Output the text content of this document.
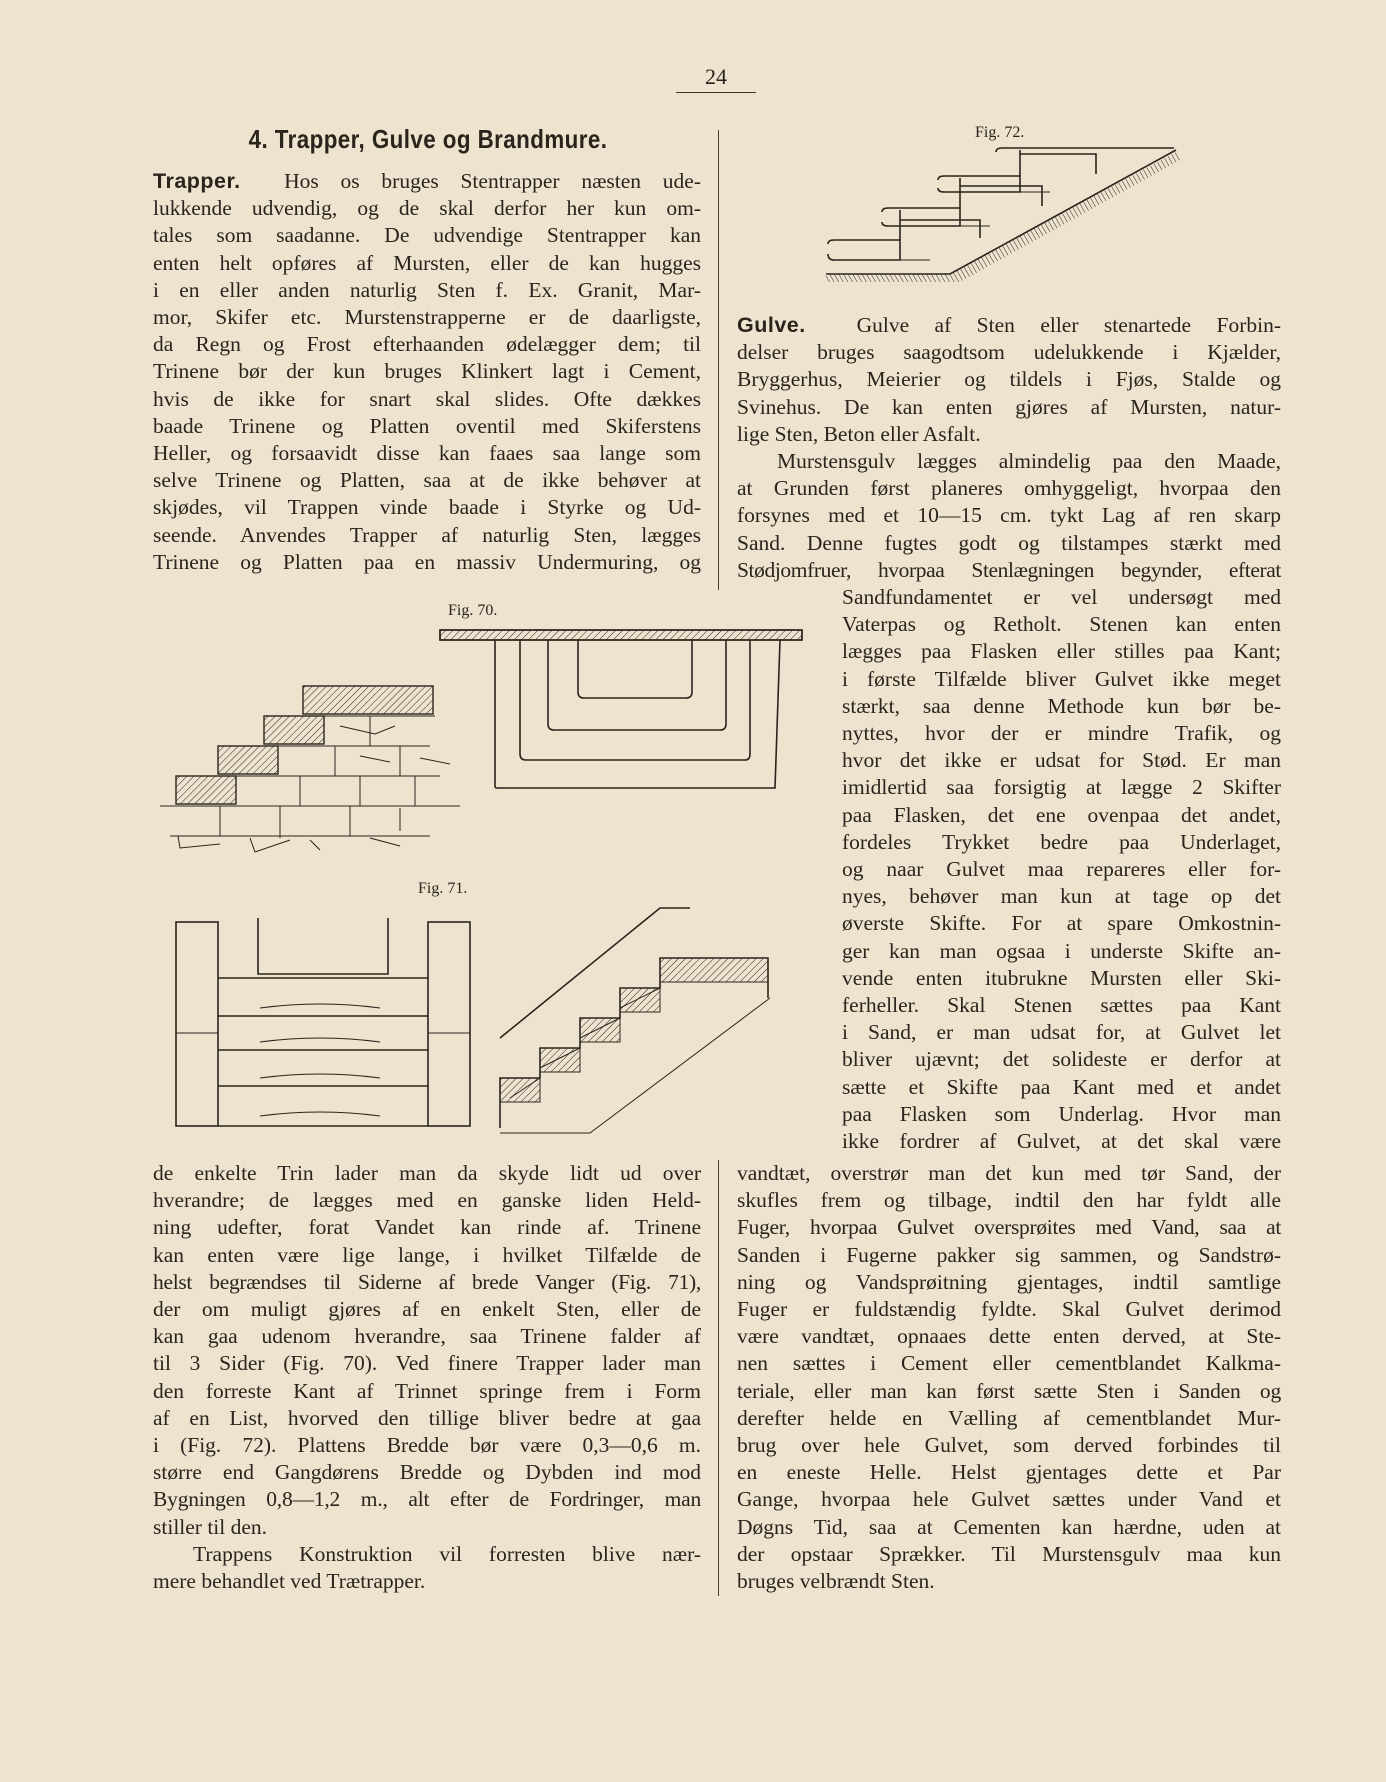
24
4. Trapper, Gulve og Brandmure.
Trapper. Hos os bruges Stentrapper næsten ude-
lukkende udvendig, og de skal derfor her kun om-
tales som saadanne. De udvendige Stentrapper kan
enten helt opføres af Mursten, eller de kan hugges
i en eller anden naturlig Sten f. Ex. Granit, Mar-
mor, Skifer etc. Murstenstrapperne er de daarligste,
da Regn og Frost efterhaanden ødelægger dem; til
Trinene bør der kun bruges Klinkert lagt i Cement,
hvis de ikke for snart skal slides. Ofte dækkes
baade Trinene og Platten oventil med Skiferstens
Heller, og forsaavidt disse kan faaes saa lange som
selve Trinene og Platten, saa at de ikke behøver at
skjødes, vil Trappen vinde baade i Styrke og Ud-
seende. Anvendes Trapper af naturlig Sten, lægges
Trinene og Platten paa en massiv Undermuring, og
Fig. 70.
Fig. 71.
Fig. 72.
Gulve. Gulve af Sten eller stenartede Forbin-
delser bruges saagodtsom udelukkende i Kjælder,
Bryggerhus, Meierier og tildels i Fjøs, Stalde og
Svinehus. De kan enten gjøres af Mursten, natur-
lige Sten, Beton eller Asfalt.
Murstensgulv lægges almindelig paa den Maade,
at Grunden først planeres omhyggeligt, hvorpaa den
forsynes med et 10—15 cm. tykt Lag af ren skarp
Sand. Denne fugtes godt og tilstampes stærkt med
Stødjomfruer, hvorpaa Stenlægningen begynder, efterat
Sandfundamentet er vel undersøgt med
Vaterpas og Retholt. Stenen kan enten
lægges paa Flasken eller stilles paa Kant;
i første Tilfælde bliver Gulvet ikke meget
stærkt, saa denne Methode kun bør be-
nyttes, hvor der er mindre Trafik, og
hvor det ikke er udsat for Stød. Er man
imidlertid saa forsigtig at lægge 2 Skifter
paa Flasken, det ene ovenpaa det andet,
fordeles Trykket bedre paa Underlaget,
og naar Gulvet maa repareres eller for-
nyes, behøver man kun at tage op det
øverste Skifte. For at spare Omkostnin-
ger kan man ogsaa i underste Skifte an-
vende enten itubrukne Mursten eller Ski-
ferheller. Skal Stenen sættes paa Kant
i Sand, er man udsat for, at Gulvet let
bliver ujævnt; det solideste er derfor at
sætte et Skifte paa Kant med et andet
paa Flasken som Underlag. Hvor man
ikke fordrer af Gulvet, at det skal være
de enkelte Trin lader man da skyde lidt ud over
hverandre; de lægges med en ganske liden Held-
ning udefter, forat Vandet kan rinde af. Trinene
kan enten være lige lange, i hvilket Tilfælde de
helst begrændses til Siderne af brede Vanger (Fig. 71),
der om muligt gjøres af en enkelt Sten, eller de
kan gaa udenom hverandre, saa Trinene falder af
til 3 Sider (Fig. 70). Ved finere Trapper lader man
den forreste Kant af Trinnet springe frem i Form
af en List, hvorved den tillige bliver bedre at gaa
i (Fig. 72). Plattens Bredde bør være 0,3—0,6 m.
større end Gangdørens Bredde og Dybden ind mod
Bygningen 0,8—1,2 m., alt efter de Fordringer, man
stiller til den.
Trappens Konstruktion vil forresten blive nær-
mere behandlet ved Trætrapper.
vandtæt, overstrør man det kun med tør Sand, der
skufles frem og tilbage, indtil den har fyldt alle
Fuger, hvorpaa Gulvet oversprøites med Vand, saa at
Sanden i Fugerne pakker sig sammen, og Sandstrø-
ning og Vandsprøitning gjentages, indtil samtlige
Fuger er fuldstændig fyldte. Skal Gulvet derimod
være vandtæt, opnaaes dette enten derved, at Ste-
nen sættes i Cement eller cementblandet Kalkma-
teriale, eller man kan først sætte Sten i Sanden og
derefter helde en Vælling af cementblandet Mur-
brug over hele Gulvet, som derved forbindes til
en eneste Helle. Helst gjentages dette et Par
Gange, hvorpaa hele Gulvet sættes under Vand et
Døgns Tid, saa at Cementen kan hærdne, uden at
der opstaar Sprækker. Til Murstensgulv maa kun
bruges velbrændt Sten.
